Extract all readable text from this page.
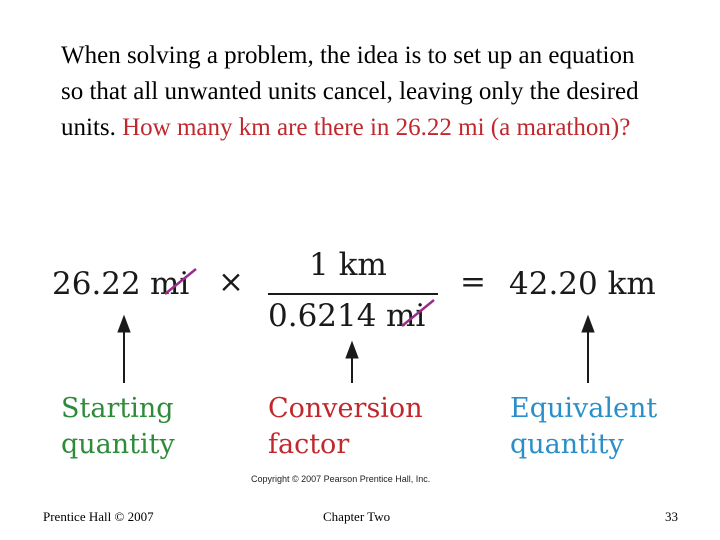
When solving a problem, the idea is to set up an equation so that all unwanted units cancel, leaving only the desired units. How many km are there in 26.22 mi (a marathon)?
26.22 mi × 1 km
0.6214 mi
= 42.20 km
Starting
quantity
Conversion
factor
Equivalent
quantity
Copyright © 2007 Pearson Prentice Hall, Inc.
Prentice Hall © 2007	Chapter Two	33
